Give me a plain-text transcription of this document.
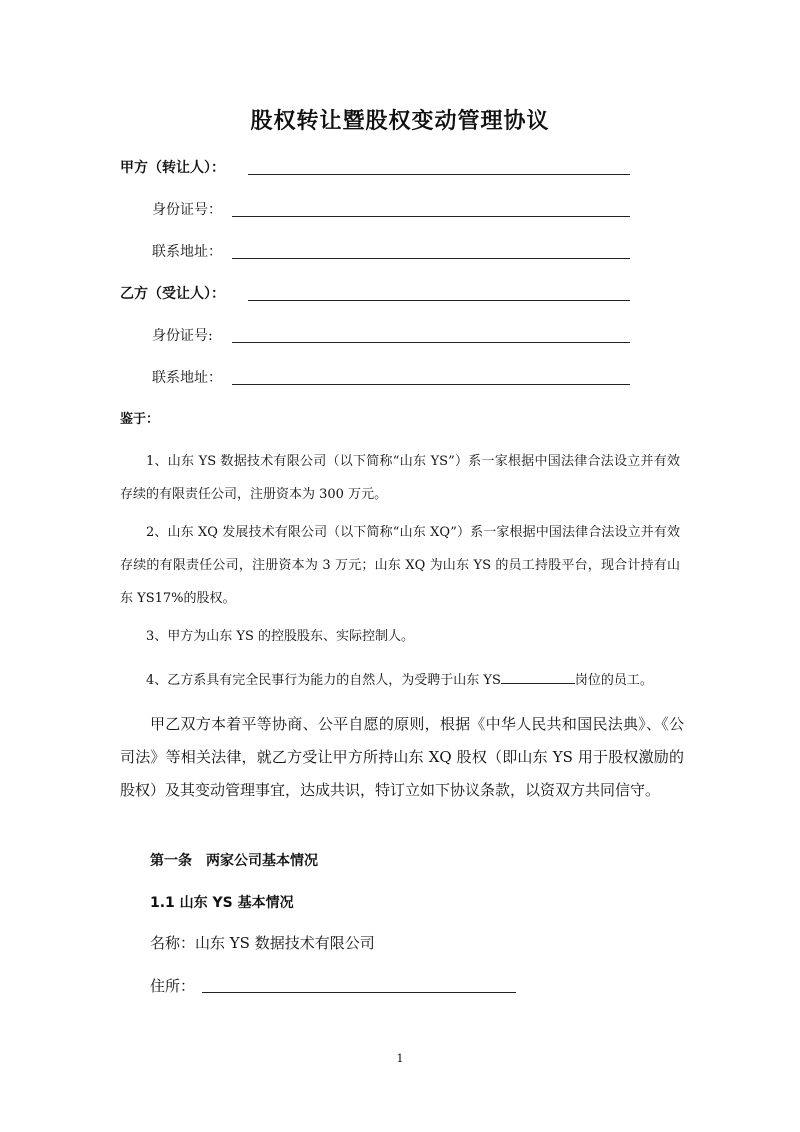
股权转让暨股权变动管理协议
甲方（转让人）：
身份证号：
联系地址：
乙方（受让人）：
身份证号:
联系地址：
鉴于：
1、山东 YS 数据技术有限公司（以下简称“山东 YS”）系一家根据中国法律合法设立并有效存续的有限责任公司，注册资本为 300 万元。
2、山东 XQ 发展技术有限公司（以下简称“山东 XQ”）系一家根据中国法律合法设立并有效存续的有限责任公司，注册资本为 3 万元；山东 XQ 为山东 YS 的员工持股平台，现合计持有山东 YS17%的股权。
3、甲方为山东 YS 的控股股东、实际控制人。
4、乙方系具有完全民事行为能力的自然人，为受聘于山东 YS	岗位的员工。
甲乙双方本着平等协商、公平自愿的原则，根据《中华人民共和国民法典》、《公司法》等相关法律，就乙方受让甲方所持山东 XQ 股权（即山东 YS 用于股权激励的股权）及其变动管理事宜，达成共识，特订立如下协议条款，以资双方共同信守。
第一条　两家公司基本情况
1.1 山东 YS 基本情况
名称：山东 YS 数据技术有限公司
住所：
1
